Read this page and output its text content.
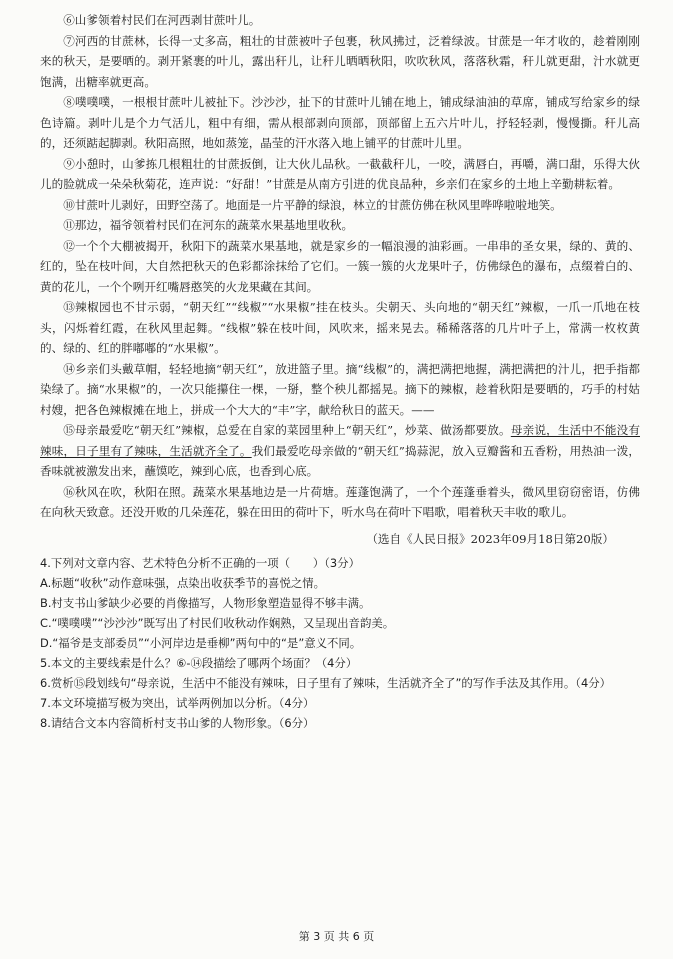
⑥山爹领着村民们在河西剥甘蔗叶儿。

⑦河西的甘蔗林，长得一丈多高，粗壮的甘蔗被叶子包裹，秋风拂过，泛着绿波。甘蔗是一年才收的，趁着刚刚来的秋天，是要晒的。剥开紧裹的叶儿，露出秆儿，让秆儿晒晒秋阳，吹吹秋风，落落秋霜，秆儿就更甜，汁水就更饱满，出糖率就更高。

⑧噗噗噗，一根根甘蔗叶儿被扯下。沙沙沙，扯下的甘蔗叶儿铺在地上，铺成绿油油的草席，铺成写给家乡的绿色诗篇。剥叶儿是个力气活儿，粗中有细，需从根部剥向顶部，顶部留上五六片叶儿，抒轻轻剥，慢慢撕。秆儿高的，还须踮起脚剥。秋阳高照，地如蒸笼，晶莹的汗水落入地上铺平的甘蔗叶儿里。

⑨小憩时，山爹拣几根粗壮的甘蔗扳倒，让大伙儿品秋。一截截秆儿，一咬，满唇白，再嚼，满口甜，乐得大伙儿的脸就成一朵朵秋菊花，连声说：“好甜！”甘蔗是从南方引进的优良品种，乡亲们在家乡的土地上辛勤耕耘着。

⑩甘蔗叶儿剥好，田野空荡了。地面是一片平静的绿浪，林立的甘蔗仿佛在秋风里哗哗啦啦地笑。

⑪那边，福爷领着村民们在河东的蔬菜水果基地里收秋。

⑫一个个大棚被揭开，秋阳下的蔬菜水果基地，就是家乡的一幅浪漫的油彩画。一串串的圣女果，绿的、黄的、红的，坠在枝叶间，大自然把秋天的色彩都涂抹给了它们。一簇一簇的火龙果叶子，仿佛绿色的瀑布，点缀着白的、黄的花儿，一个个咧开红嘴唇憨笑的火龙果藏在其间。

⑬辣椒园也不甘示弱，“朝天红”“线椒”“水果椒”挂在枝头。尖朝天、头向地的“朝天红”辣椒，一爪一爪地在枝头，闪烁着红霞，在秋风里起舞。“线椒”躲在枝叶间，风吹来，摇来晃去。稀稀落落的几片叶子上，常满一枚枚黄的、绿的、红的胖嘟嘟的“水果椒”。

⑭乡亲们头戴草帽，轻轻地摘“朝天红”，放进篮子里。摘“线椒”的，满把满把地握，满把满把的汁儿，把手指都染绿了。摘“水果椒”的，一次只能攥住一棵，一掰，整个秧儿都摇晃。摘下的辣椒，趁着秋阳是要晒的，巧手的村姑村嫂，把各色辣椒摊在地上，拼成一个大大的“丰”字，献给秋日的蓝天。——

⑮母亲最爱吃“朝天红”辣椒，总爱在自家的菜园里种上“朝天红”，炒菜、做汤都要放。母亲说，生活中不能没有辣味，日子里有了辣味，生活就齐全了。我们最爱吃母亲做的“朝天红”捣蒜泥，放入豆瓣酱和五香粉，用热油一泼，香味就被激发出来，蘸馍吃，辣到心底，也香到心底。

⑯秋风在吹，秋阳在照。蔬菜水果基地边是一片荷塘。莲蓬饱满了，一个个莲蓬垂着头，微风里窃窃密语，仿佛在向秋天致意。还没开败的几朵莲花，躲在田田的荷叶下，听水鸟在荷叶下唱歌，唱着秋天丰收的歌儿。

（选自《人民日报》2023年09月18日第20版）

4.下列对文章内容、艺术特色分析不正确的一项（　　）（3分）

A.标题“收秋”动作意味强，点染出收获季节的喜悦之情。

B.村支书山爹缺少必要的肖像描写，人物形象塑造显得不够丰满。

C.“噗噗噗”“沙沙沙”既写出了村民们收秋动作娴熟，又呈现出音韵美。

D.“福爷是支部委员”“小河岸边是垂柳”两句中的“是”意义不同。

5.本文的主要线索是什么？⑥-⑭段描绘了哪两个场面？（4分）

6.赏析⑮段划线句“母亲说，生活中不能没有辣味，日子里有了辣味，生活就齐全了”的写作手法及其作用。（4分）

7.本文环境描写极为突出，试举两例加以分析。（4分）

8.请结合文本内容简析村支书山爹的人物形象。（6分）

第 3 页 共 6 页
